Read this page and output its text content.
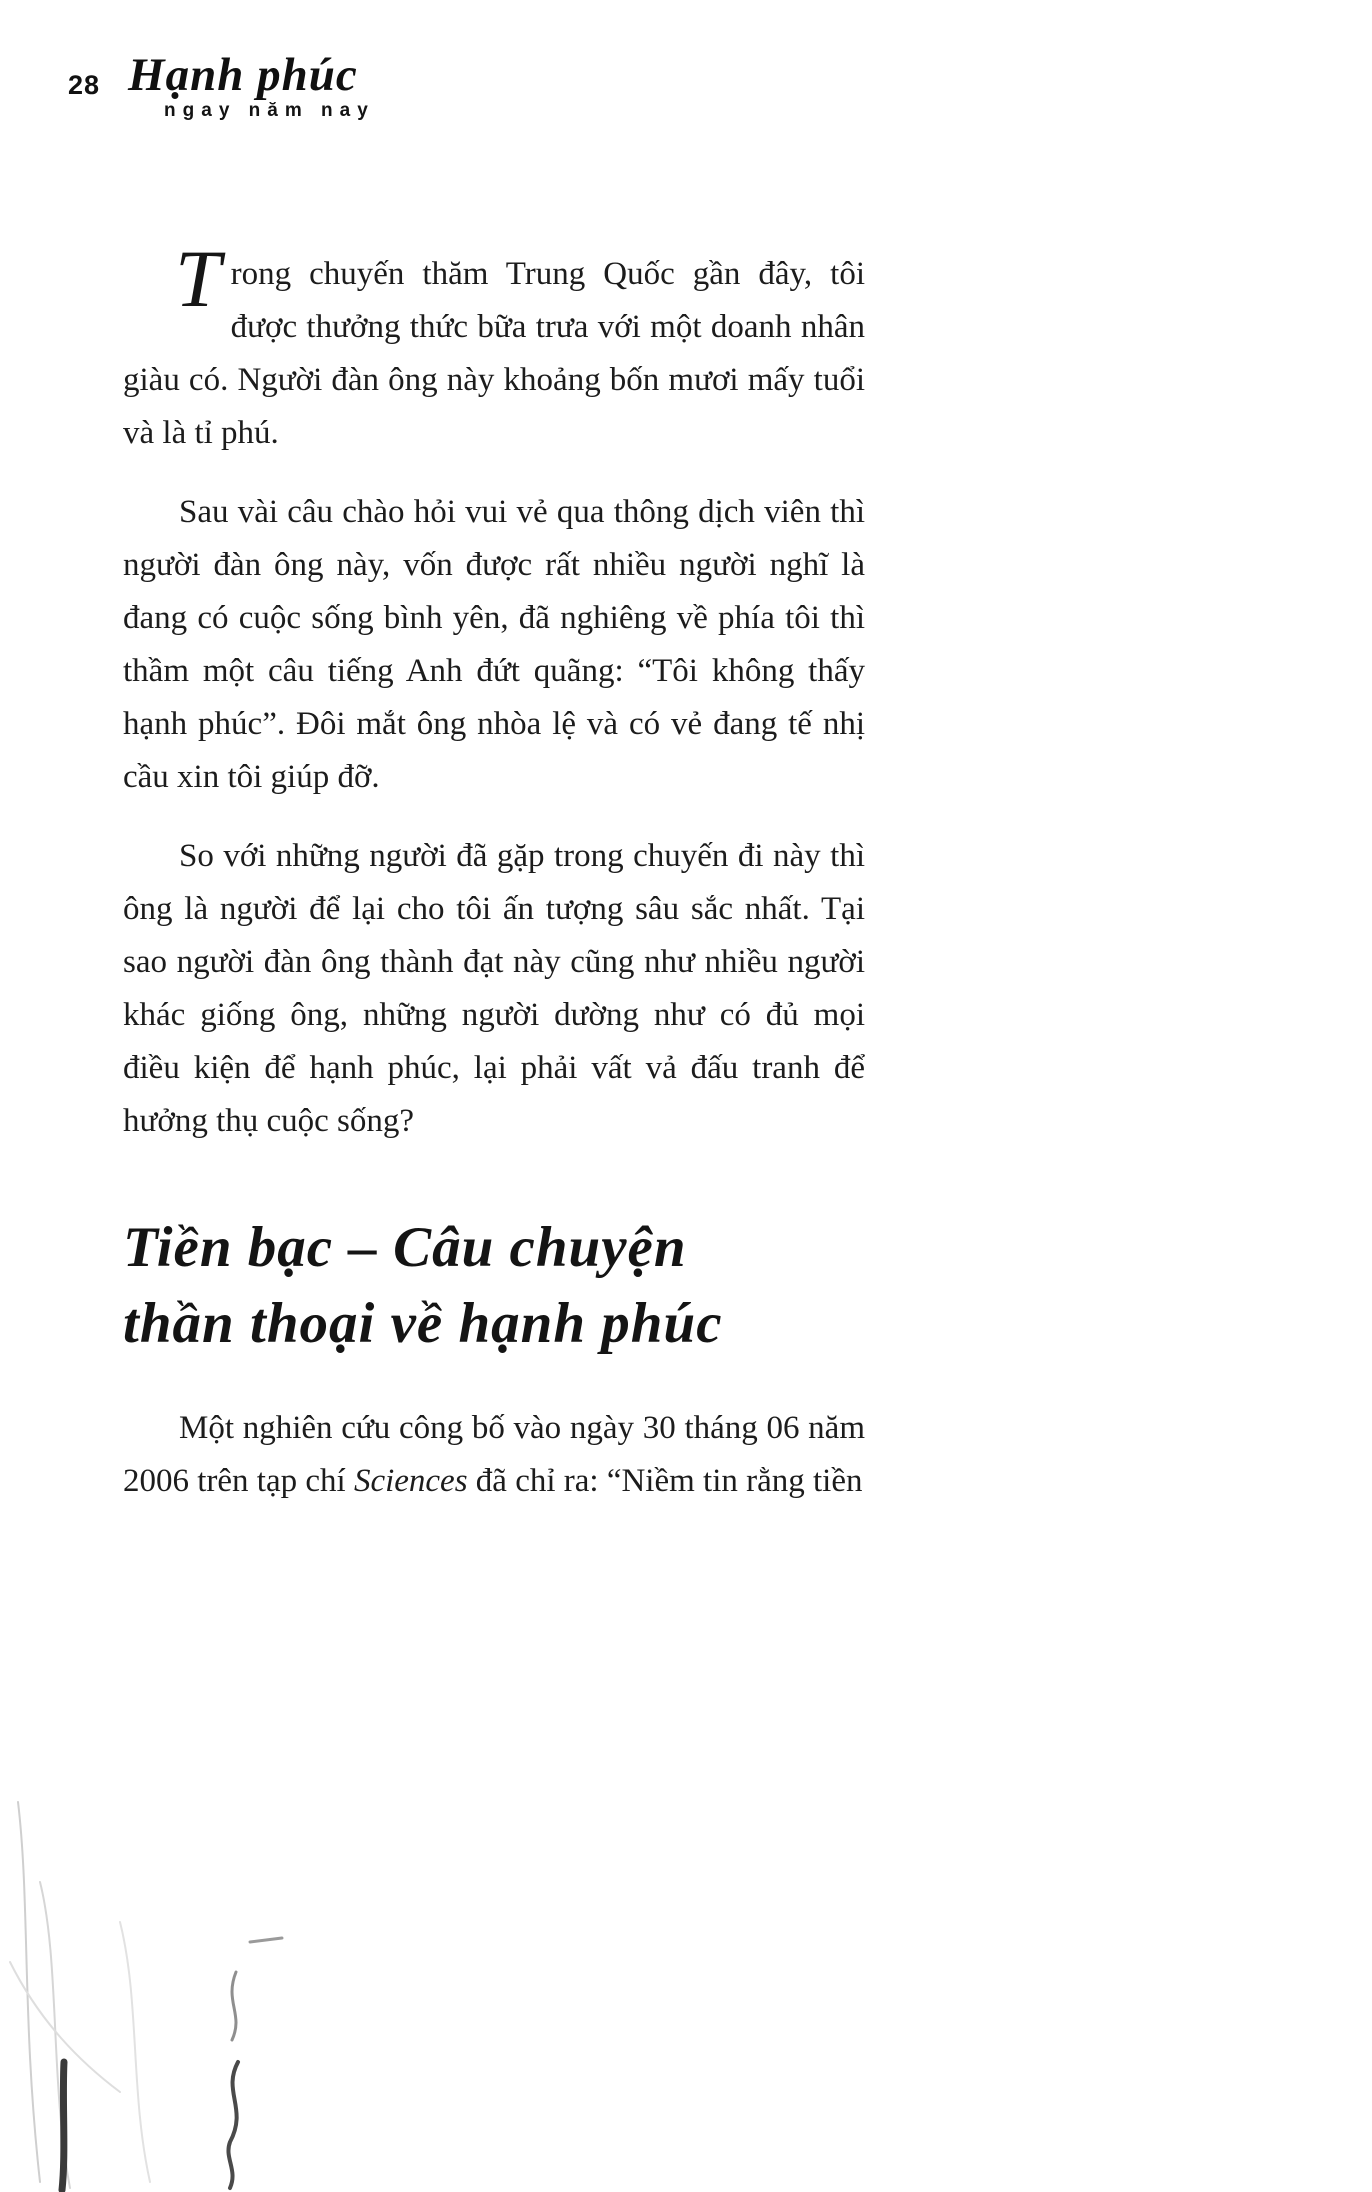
28 Hạnh phúc
ngay năm nay

Trong chuyến thăm Trung Quốc gần đây, tôi được thưởng thức bữa trưa với một doanh nhân giàu có. Người đàn ông này khoảng bốn mươi mấy tuổi và là tỉ phú.

Sau vài câu chào hỏi vui vẻ qua thông dịch viên thì người đàn ông này, vốn được rất nhiều người nghĩ là đang có cuộc sống bình yên, đã nghiêng về phía tôi thì thầm một câu tiếng Anh đứt quãng: “Tôi không thấy hạnh phúc”. Đôi mắt ông nhòa lệ và có vẻ đang tế nhị cầu xin tôi giúp đỡ.

So với những người đã gặp trong chuyến đi này thì ông là người để lại cho tôi ấn tượng sâu sắc nhất. Tại sao người đàn ông thành đạt này cũng như nhiều người khác giống ông, những người dường như có đủ mọi điều kiện để hạnh phúc, lại phải vất vả đấu tranh để hưởng thụ cuộc sống?

Tiền bạc – Câu chuyện thần thoại về hạnh phúc

Một nghiên cứu công bố vào ngày 30 tháng 06 năm 2006 trên tạp chí Sciences đã chỉ ra: “Niềm tin rằng tiền
